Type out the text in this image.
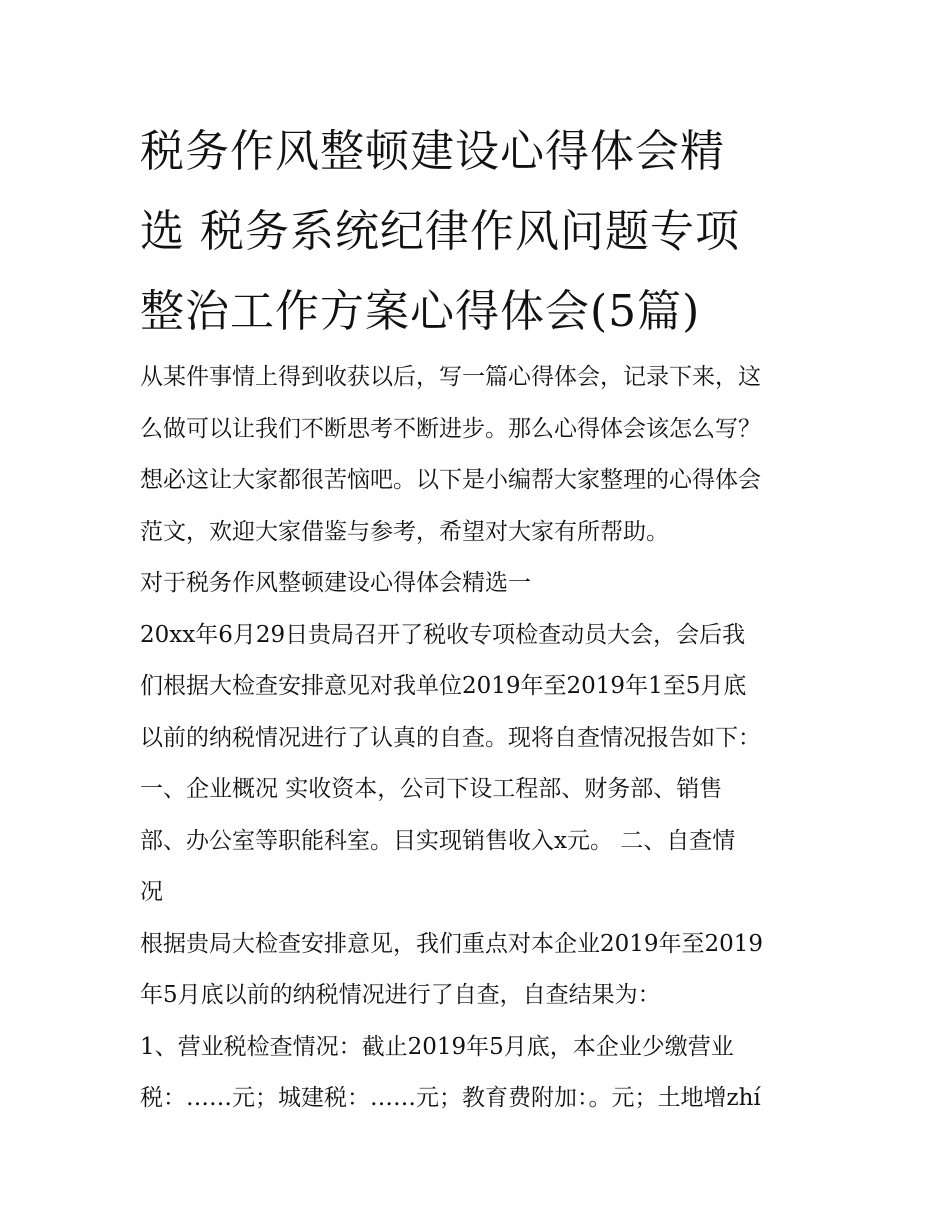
税务作风整顿建设心得体会精
选 税务系统纪律作风问题专项
整治工作方案心得体会(5篇)

从某件事情上得到收获以后，写一篇心得体会，记录下来，这

么做可以让我们不断思考不断进步。那么心得体会该怎么写？

想必这让大家都很苦恼吧。以下是小编帮大家整理的心得体会

范文，欢迎大家借鉴与参考，希望对大家有所帮助。

对于税务作风整顿建设心得体会精选一

20xx年6月29日贵局召开了税收专项检查动员大会，会后我

们根据大检查安排意见对我单位2019年至2019年1至5月底

以前的纳税情况进行了认真的自查。现将自查情况报告如下：

一、企业概况 实收资本，公司下设工程部、财务部、销售

部、办公室等职能科室。目实现销售收入x元。 二、自查情

况

根据贵局大检查安排意见，我们重点对本企业2019年至2019

年5月底以前的纳税情况进行了自查，自查结果为：

1、营业税检查情况：截止2019年5月底，本企业少缴营业

税：……元；城建税：……元；教育费附加：。元；土地增zhí
